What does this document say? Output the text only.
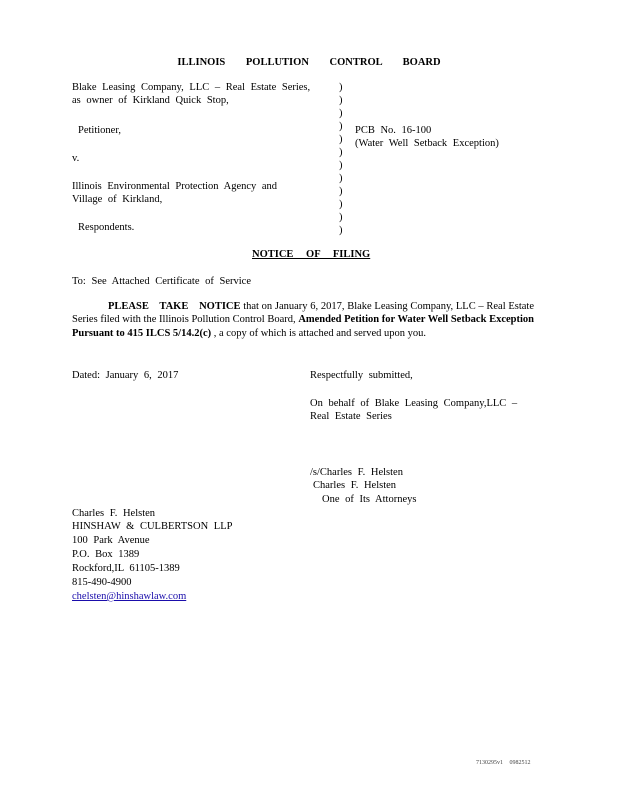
ILLINOIS POLLUTION CONTROL BOARD
Blake Leasing Company, LLC – Real Estate Series,
as owner of Kirkland Quick Stop,
Petitioner,
v.
Illinois Environmental Protection Agency and
Village of Kirkland,
Respondents.
)
)
)
)
)
)
)
)
)
)
)
)
PCB No. 16-100
(Water Well Setback Exception)
NOTICE OF FILING
To: See Attached Certificate of Service
PLEASE TAKE NOTICE that on January 6, 2017, Blake Leasing Company, LLC – Real Estate Series filed with the Illinois Pollution Control Board, Amended Petition for Water Well Setback Exception Pursuant to 415 ILCS 5/14.2(c) , a copy of which is attached and served upon you.
Dated: January 6, 2017	Respectfully submitted,
On behalf of Blake Leasing Company,LLC –
Real Estate Series
/s/Charles F. Helsten
Charles F. Helsten
One of Its Attorneys
Charles F. Helsten
HINSHAW & CULBERTSON LLP
100 Park Avenue
P.O. Box 1389
Rockford,IL 61105-1389
815-490-4900
chelsten@hinshawlaw.com
7130295v1 0982512
